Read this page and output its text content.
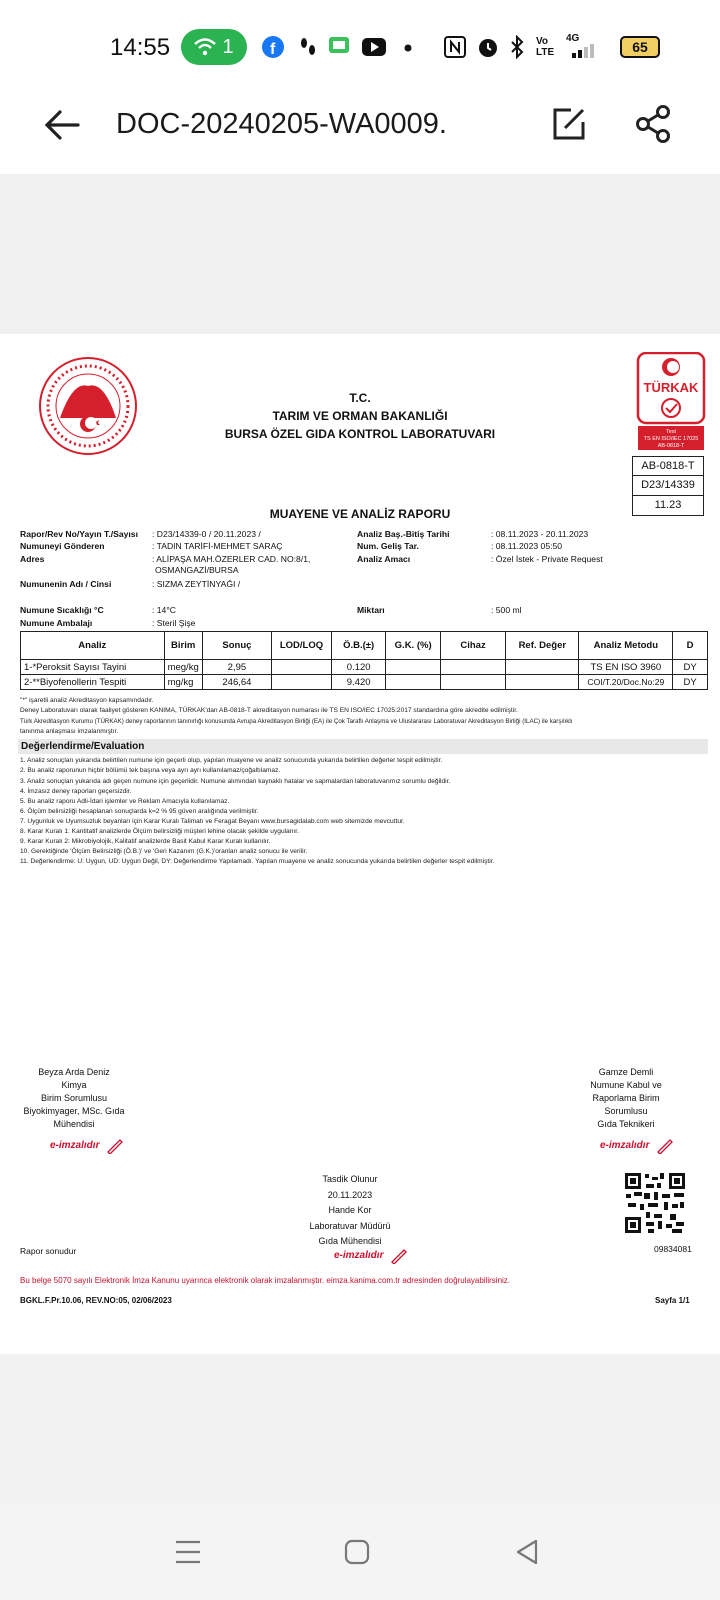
14:55	1 f	Vo
LTE
4G
65
DOC-20240205-WA0009.
T.C.
TARIM VE ORMAN BAKANLIĞI
BURSA ÖZEL GIDA KONTROL LABORATUVARI
TÜRKAK
Test
TS EN ISO/IEC 17025
AB-0818-T
AB-0818-T
D23/14339
11.23
MUAYENE VE ANALİZ RAPORU
Rapor/Rev No/Yayın T./Sayısı : D23/14339-0 / 20.11.2023 /
Numuneyi Gönderen	: TADIN TARİFİ-MEHMET SARAÇ
Adres	: ALİPAŞA MAH.ÖZERLER CAD. NO:8/1,
OSMANGAZİ/BURSA
Numunenin Adı / Cinsi	: SIZMA ZEYTİNYAĞI /
Numune Sıcaklığı °C	: 14°C
Numune Ambalajı	: Steril Şişe
Analiz Baş.-Bitiş Tarihi	: 08.11.2023 - 20.11.2023
Num. Geliş Tar.	: 08.11.2023 05:50
Analiz Amacı	: Özel İstek - Private Request
Miktarı	: 500 ml
Analiz	Birim	Sonuç	LOD/LOQ	Ö.B.(±)	G.K. (%)	Cihaz	Ref. Değer	Analiz Metodu	D
1-*Peroksit Sayısı Tayini	meg/kg	2,95		0.120				TS EN ISO 3960	DY
2-**Biyofenollerin Tespiti	mg/kg	246,64		9.420				COI/T.20/Doc.No:29	DY
"*" işaretli analiz Akreditasyon kapsamındadır.
Deney Laboratuvarı olarak faaliyet gösteren KANIMA, TÜRKAK'dan AB-0818-T akreditasyon numarası ile TS EN ISO/IEC 17025:2017 standardına göre akredite edilmiştir.
Türk Akreditasyon Kurumu (TÜRKAK) deney raporlarının tanınırlığı konusunda Avrupa Akreditasyon Birliği (EA) ile Çok Taraflı Anlaşma ve Uluslararası Laboratuvar Akreditasyon Birliği (ILAC) ile karşılıklı
tanınma anlaşması imzalanmıştır.
Değerlendirme/Evaluation
1. Analiz sonuçları yukarıda belirtilen numune için geçerli olup, yapılan muayene ve analiz sonucunda yukarıda belirtilen değerler tespit edilmiştir.
2. Bu analiz raporunun hiçbir bölümü tek başına veya ayrı ayrı kullanılamaz/çoğaltılamaz.
3. Analiz sonuçları yukarıda adı geçen numune için geçerlidir. Numune alımından kaynaklı hatalar ve sapmalardan laboratuvarımız sorumlu değildir.
4. İmzasız deney raporları geçersizdir.
5. Bu analiz raporu Adli-İdari işlemler ve Reklam Amacıyla kullanılamaz.
6. Ölçüm belirsizliği hesaplanan sonuçlarda k=2 % 95 güven aralığında verilmiştir.
7. Uygunluk ve Uyumsuzluk beyanları için Karar Kuralı Talimatı ve Feragat Beyanı www.bursagidalab.com web sitemizde mevcuttur.
8. Karar Kuralı 1: Kantitatif analizlerde Ölçüm belirsizliği müşteri lehine olacak şekilde uygulanır.
9. Karar Kuralı 2: Mikrobiyolojik, Kalitatif analizlerde Basit Kabul Karar Kuralı kullanılır.
10. Gerektiğinde 'Ölçüm Belirsizliği (Ö.B.)' ve 'Geri Kazanım (G.K.)'oranları analiz sonucu ile verilir.
11. Değerlendirme: U: Uygun, UD: Uygun Değil, DY: Değerlendirme Yapılamadı. Yapılan muayene ve analiz sonucunda yukarıda belirtilen değerler tespit edilmiştir.
Beyza Arda Deniz
Kimya
Birim Sorumlusu
Biyokimyager, MSc. Gıda
Mühendisi
e-imzalıdır
Gamze Demli
Numune Kabul ve
Raporlama Birim
Sorumlusu
Gıda Teknikeri
e-imzalıdır
Tasdik Olunur
20.11.2023
Hande Kor
Laboratuvar Müdürü
Gıda Mühendisi
e-imzalıdır
09834081
Rapor sonudur
Bu belge 5070 sayılı Elektronik İmza Kanunu uyarınca elektronik olarak imzalanmıştır. eimza.kanima.com.tr adresinden doğrulayabilirsiniz.
BGKL.F.Pr.10.06, REV.NO:05, 02/06/2023	Sayfa 1/1
